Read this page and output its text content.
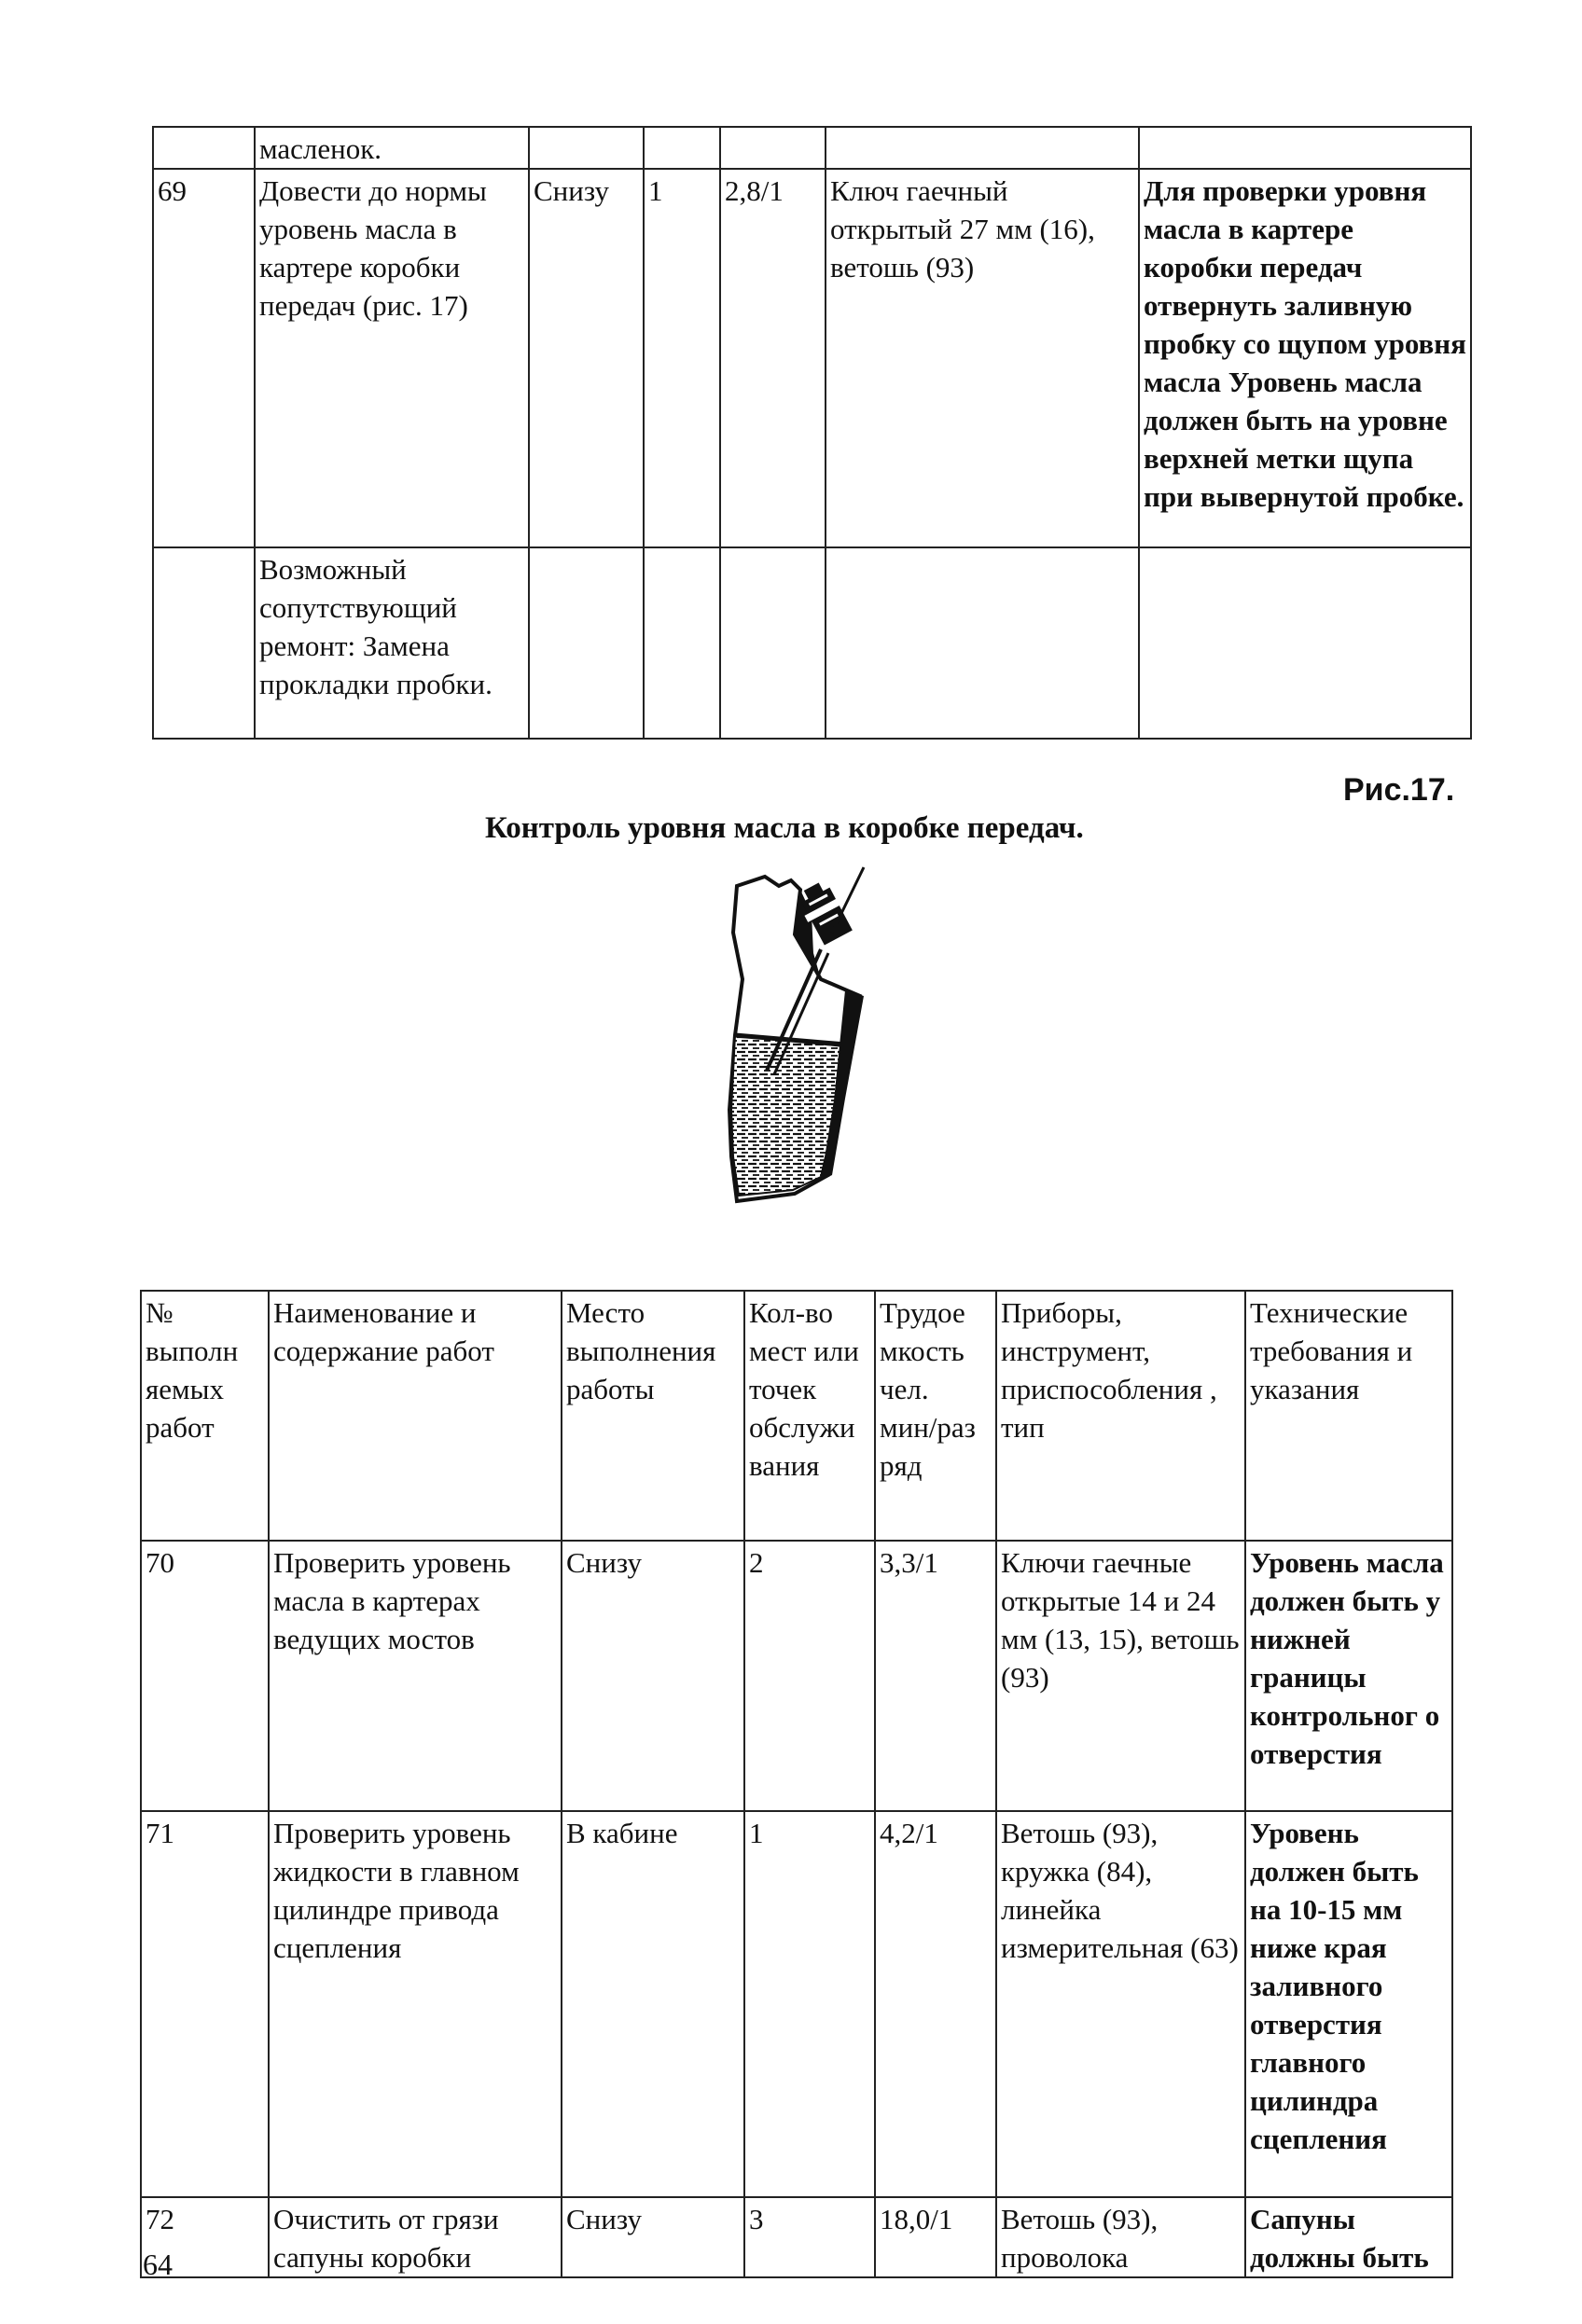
	масленок.					
69	Довести до нормы уровень масла в картере коробки передач (рис. 17)	Снизу	1	2,8/1	Ключ гаечный открытый 27 мм (16), ветошь (93)	Для проверки уровня масла в картере коробки передач отвернуть заливную пробку со щупом уровня масла Уровень масла должен быть на уровне верхней метки щупа при вывернутой пробке.
	Возможный сопутствующий ремонт: Замена прокладки пробки.					

Рис.17.

Контроль уровня масла в коробке передач.

№ выполн яемых работ	Наименование и содержание работ	Место выполнения работы	Кол-во мест или точек обслужи вания	Трудое мкость чел. мин/раз ряд	Приборы, инструмент, приспособления , тип	Технические требования и указания
70	Проверить уровень масла в картерах ведущих мостов	Снизу	2	3,3/1	Ключи гаечные открытые 14 и 24 мм (13, 15), ветошь (93)	Уровень масла должен быть у нижней границы контрольног о отверстия
71	Проверить уровень жидкости в главном цилиндре привода сцепления	В кабине	1	4,2/1	Ветошь (93), кружка (84), линейка измерительная (63)	Уровень должен быть на 10-15 мм ниже края заливного отверстия главного цилиндра сцепления
72	Очистить от грязи сапуны коробки	Снизу	3	18,0/1	Ветошь (93), проволока	Сапуны должны быть

64
